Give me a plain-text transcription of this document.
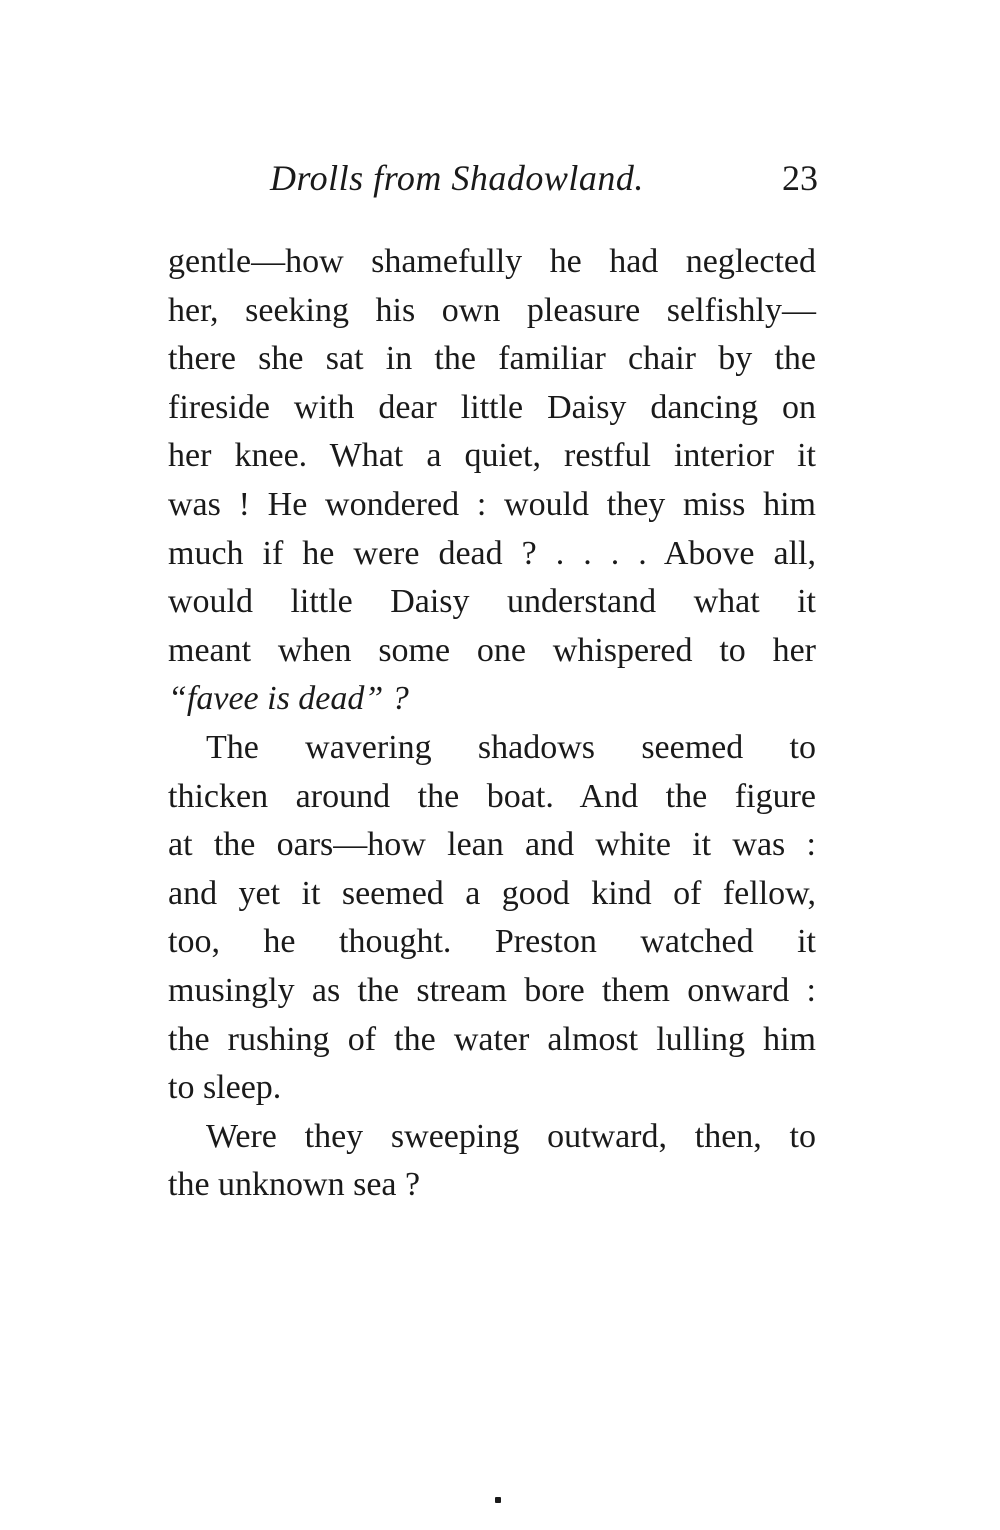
Drolls from Shadowland.	23
gentle—how shamefully he had neglected
her, seeking his own pleasure selfishly—
there she sat in the familiar chair by the
fireside with dear little Daisy dancing on
her knee. What a quiet, restful interior it
was ! He wondered : would they miss him
much if he were dead ? . . . . Above all,
would little Daisy understand what it
meant when some one whispered to her
“favee is dead” ?
The wavering shadows seemed to
thicken around the boat. And the figure
at the oars—how lean and white it was :
and yet it seemed a good kind of fellow,
too, he thought. Preston watched it
musingly as the stream bore them onward :
the rushing of the water almost lulling him
to sleep.
Were they sweeping outward, then, to
the unknown sea ?
